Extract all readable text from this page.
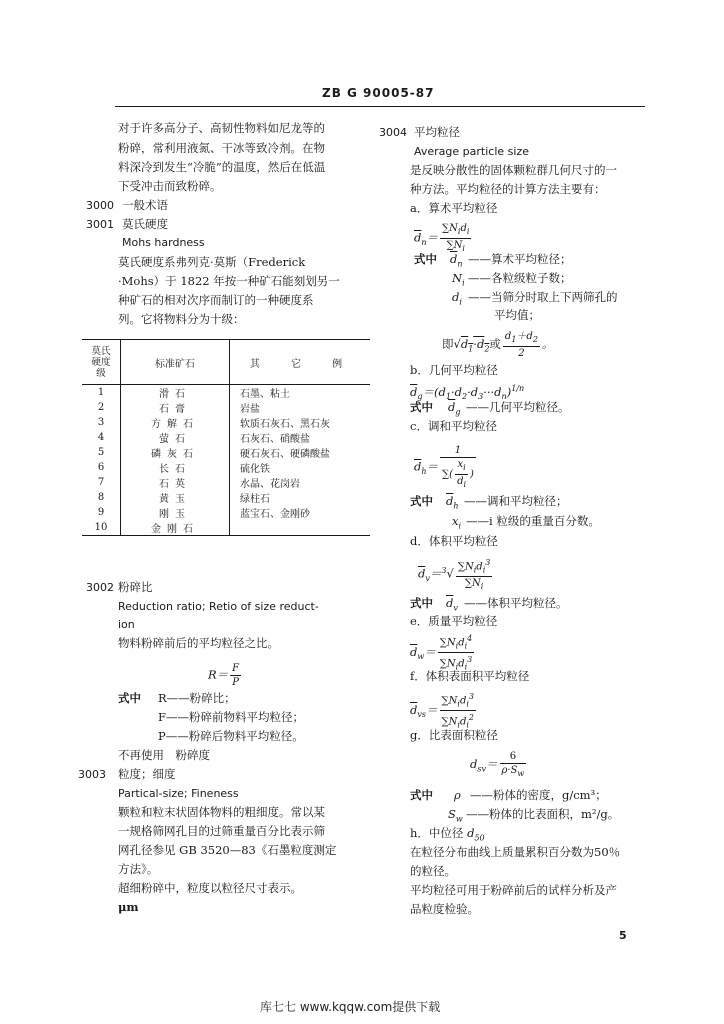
ZB G 90005-87
对于许多高分子、高韧性物料如尼龙等的
粉碎，常利用液氮、干冰等致冷剂。在物
料深冷到发生“冷脆”的温度，然后在低温
下受冲击而致粉碎。
3000 一般术语
3001 莫氏硬度
Mohs hardness
莫氏硬度系弗列克·莫斯（Frederick
·Mohs）于 1822 年按一种矿石能刻划另一
种矿石的相对次序而制订的一种硬度系
列。它将物料分为十级：
莫氏
硬度
级	标准矿石	其 它 例
1	滑石	石墨、粘土
2	石膏	岩盐
3	方解石	软质石灰石、黑石灰
4	萤石	石灰石、硝酸盐
5	磷灰石	硬石灰石、硬磷酸盐
6	长石	硫化铁
7	石英	水晶、花岗岩
8	黄玉	绿柱石
9	刚玉	蓝宝石、金刚砂
10	金刚石	
3002 粉碎比
Reduction ratio; Retio of size reduct-
ion
物料粉碎前后的平均粒径之比。
$R= \frac{F}{P}$
式中 R——粉碎比；
F——粉碎前物料平均粒径；
P——粉碎后物料平均粒径。
不再使用　粉碎度
3003 粒度；细度
Partical-size; Fineness
颗粒和粒末状固体物料的粗细度。常以某
一规格筛网孔目的过筛重量百分比表示筛
网孔径参见 GB 3520—83《石墨粒度测定
方法》。
超细粉碎中，粒度以粒径尺寸表示。
μm
3004 平均粒径
Average particle size
是反映分散性的固体颗粒群几何尺寸的一
种方法。平均粒径的计算方法主要有：
a．算术平均粒径
$\overline{d}_n= \frac{\sum N_id_i}{\sum N_i}$
式中 $\overline{d}_n$ ——算术平均粒径；
$N_i$ ——各粒级粒子数；
$d_i$ ——当筛分时取上下两筛孔的
平均值；
即$√d_1\cdot d_2$或 $\frac{d_1+d_2}{2}$ 。
b．几何平均粒径
$\overline{d}_g=(d_1\cdot d_2\cdot d_3\cdot\cdot\cdot d_n)^{1/n}$
式中 $\overline{d}_g$ ——几何平均粒径。
c．调和平均粒径
$\overline{d}_h= \frac{1}{\sum( \frac{x_i}{d_i} )}$
式中 $\overline{d}_h$ ——调和平均粒径；
$x_i$ ——i 粒级的重量百分数。
d．体积平均粒径
$\overline{d}_v=^3√ \frac{\sum N_id_i^3}{\sum N_i}$
式中 $\overline{d}_v$ ——体积平均粒径。
e．质量平均粒径
$\overline{d}_w= \frac{\sum N_id_i^4}{\sum N_id_i^3}$
f．体积表面积平均粒径
$\overline{d}_{vs}= \frac{\sum N_id_i^3}{\sum N_id_i^2}$
g．比表面积粒径
$d_{sv}= \frac{6}{\rho\cdot S_w}$
式中 ρ ——粉体的密度，g/cm³；
$S_w$ ——粉体的比表面积，m²/g。
h．中位径 $d_{50}$
在粒径分布曲线上质量累积百分数为50％
的粒径。
平均粒径可用于粉碎前后的试样分析及产
品粒度检验。
5
库七七 www.kqqw.com提供下载
